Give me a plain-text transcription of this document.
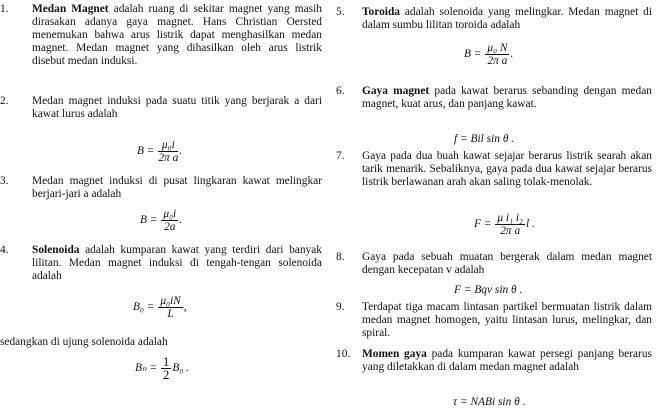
1.	Medan Magnet adalah ruang di sekitar magnet yang masih dirasakan adanya gaya magnet. Hans Christian Oersted menemukan bahwa arus listrik dapat menghasilkan medan magnet. Medan magnet yang dihasilkan oleh arus listrik disebut medan induksi.
2.	Medan magnet induksi pada suatu titik yang berjarak a dari kawat lurus adalah
$B = \frac{\text{μ₀i}}{\text{2π a}}$ .
3.	Medan magnet induksi di pusat lingkaran kawat melingkar berjari-jari a adalah
$B = \frac{\text{μ₀i}}{2a}$ .
4.	Solenoida adalah kumparan kawat yang terdiri dari banyak lilitan. Medan magnet induksi di tengah-tengan solenoida adalah
$B_0 = \frac{\text{μ₀iN}}{L}$ ,
sedangkan di ujung solenoida adalah
$B_n = \frac{1}{2} B_0$ .
5.	Toroida adalah solenoida yang melingkar. Medan magnet di dalam sumbu lilitan toroida adalah
$B = \frac{\text{μ₀ N}}{\text{2π a}}$ .
6.	Gaya magnet pada kawat berarus sebanding dengan medan magnet, kuat arus, dan panjang kawat.
f = Bil sin θ .
7.	Gaya pada dua buah kawat sejajar berarus listrik searah akan tarik menarik. Sebaliknya, gaya pada dua kawat sejajar berarus listrik berlawanan arah akan saling tolak-menolak.
$F = \frac{\text{μ i₁ i₂}}{\text{2π a}}$ l .
8.	Gaya pada sebuah muatan bergerak dalam medan magnet dengan kecepatan v adalah
F = Bqv sin θ .
9.	Terdapat tiga macam lintasan partikel bermuatan listrik dalam medan magnet homogen, yaitu lintasan lurus, melingkar, dan spiral.
10.	Momen gaya pada kumparan kawat persegi panjang berarus yang diletakkan di dalam medan magnet adalah
τ = NABi sin θ .
